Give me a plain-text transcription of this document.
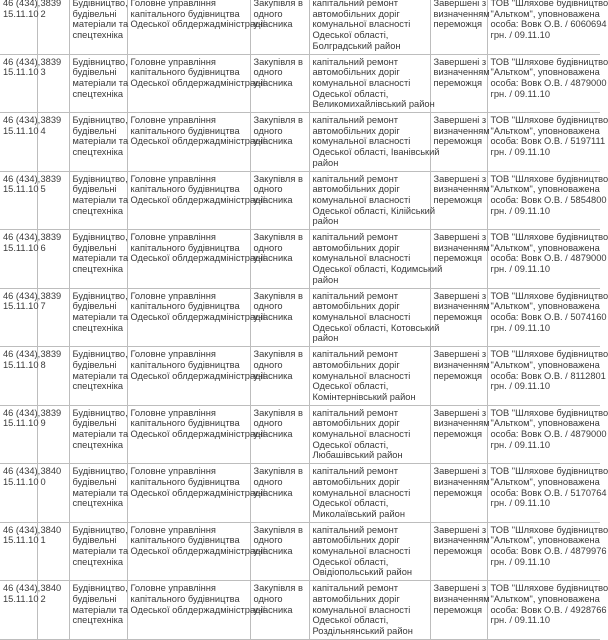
46 (434),
15.11.10	38392	Будівництво,
будівельні
матеріали та
спецтехніка	Головне управління
капітального будівництва
Одеської облдержадміністрації	Закупівля в
одного
учасника	капітальний ремонт
автомобільних доріг
комунальної власності
Одеської області,
Болградський район	Завершені з
визначенням
переможця	ТОВ "Шляхове будівництво
"Альтком", уповноважена
особа: Вовк О.В. / 6060694
грн. / 09.11.10

46 (434),
15.11.10	38393	Будівництво,
будівельні
матеріали та
спецтехніка	Головне управління
капітального будівництва
Одеської облдержадміністрації	Закупівля в
одного
учасника	капітальний ремонт
автомобільних доріг
комунальної власності
Одеської області,
Великомихайлівський район	Завершені з
визначенням
переможця	ТОВ "Шляхове будівництво
"Альтком", уповноважена
особа: Вовк О.В. / 4879000
грн. / 09.11.10

46 (434),
15.11.10	38394	Будівництво,
будівельні
матеріали та
спецтехніка	Головне управління
капітального будівництва
Одеської облдержадміністрації	Закупівля в
одного
учасника	капітальний ремонт
автомобільних доріг
комунальної власності
Одеської області, Іванівський
район	Завершені з
визначенням
переможця	ТОВ "Шляхове будівництво
"Альтком", уповноважена
особа: Вовк О.В. / 5197111
грн. / 09.11.10

46 (434),
15.11.10	38395	Будівництво,
будівельні
матеріали та
спецтехніка	Головне управління
капітального будівництва
Одеської облдержадміністрації	Закупівля в
одного
учасника	капітальний ремонт
автомобільних доріг
комунальної власності
Одеської області, Кілійський
район	Завершені з
визначенням
переможця	ТОВ "Шляхове будівництво
"Альтком", уповноважена
особа: Вовк О.В. / 5854800
грн. / 09.11.10

46 (434),
15.11.10	38396	Будівництво,
будівельні
матеріали та
спецтехніка	Головне управління
капітального будівництва
Одеської облдержадміністрації	Закупівля в
одного
учасника	капітальний ремонт
автомобільних доріг
комунальної власності
Одеської області, Кодимський
район	Завершені з
визначенням
переможця	ТОВ "Шляхове будівництво
"Альтком", уповноважена
особа: Вовк О.В. / 4879000
грн. / 09.11.10

46 (434),
15.11.10	38397	Будівництво,
будівельні
матеріали та
спецтехніка	Головне управління
капітального будівництва
Одеської облдержадміністрації	Закупівля в
одного
учасника	капітальний ремонт
автомобільних доріг
комунальної власності
Одеської області, Котовський
район	Завершені з
визначенням
переможця	ТОВ "Шляхове будівництво
"Альтком", уповноважена
особа: Вовк О.В. / 5074160
грн. / 09.11.10

46 (434),
15.11.10	38398	Будівництво,
будівельні
матеріали та
спецтехніка	Головне управління
капітального будівництва
Одеської облдержадміністрації	Закупівля в
одного
учасника	капітальний ремонт
автомобільних доріг
комунальної власності
Одеської області,
Комінтернівський район	Завершені з
визначенням
переможця	ТОВ "Шляхове будівництво
"Альтком", уповноважена
особа: Вовк О.В. / 8112801
грн. / 09.11.10

46 (434),
15.11.10	38399	Будівництво,
будівельні
матеріали та
спецтехніка	Головне управління
капітального будівництва
Одеської облдержадміністрації	Закупівля в
одного
учасника	капітальний ремонт
автомобільних доріг
комунальної власності
Одеської області,
Любашівський район	Завершені з
визначенням
переможця	ТОВ "Шляхове будівництво
"Альтком", уповноважена
особа: Вовк О.В. / 4879000
грн. / 09.11.10

46 (434),
15.11.10	38400	Будівництво,
будівельні
матеріали та
спецтехніка	Головне управління
капітального будівництва
Одеської облдержадміністрації	Закупівля в
одного
учасника	капітальний ремонт
автомобільних доріг
комунальної власності
Одеської області,
Миколаївський район	Завершені з
визначенням
переможця	ТОВ "Шляхове будівництво
"Альтком", уповноважена
особа: Вовк О.В. / 5170764
грн. / 09.11.10

46 (434),
15.11.10	38401	Будівництво,
будівельні
матеріали та
спецтехніка	Головне управління
капітального будівництва
Одеської облдержадміністрації	Закупівля в
одного
учасника	капітальний ремонт
автомобільних доріг
комунальної власності
Одеської області,
Овідіопольський район	Завершені з
визначенням
переможця	ТОВ "Шляхове будівництво
"Альтком", уповноважена
особа: Вовк О.В. / 4879976
грн. / 09.11.10

46 (434),
15.11.10	38402	Будівництво,
будівельні
матеріали та
спецтехніка	Головне управління
капітального будівництва
Одеської облдержадміністрації	Закупівля в
одного
учасника	капітальний ремонт
автомобільних доріг
комунальної власності
Одеської області,
Роздільнянський район	Завершені з
визначенням
переможця	ТОВ "Шляхове будівництво
"Альтком", уповноважена
особа: Вовк О.В. / 4928766
грн. / 09.11.10
